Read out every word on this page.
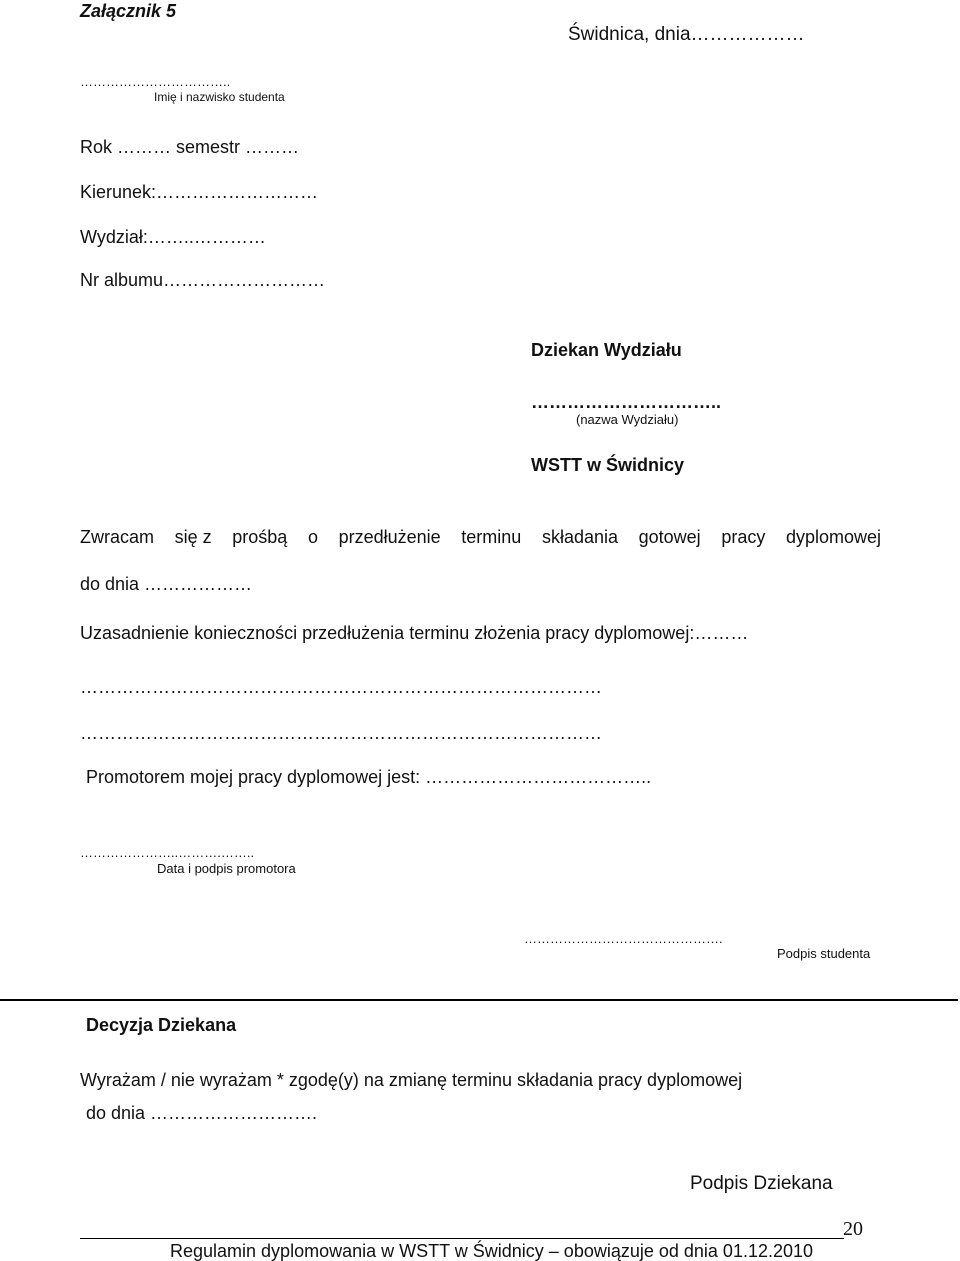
Załącznik 5
Świdnica, dnia………………
……………………………..
Imię i nazwisko studenta
Rok ……… semestr ………
Kierunek:………………………
Wydział:……..…………
Nr albumu………………………
Dziekan Wydziału
…………………………..
(nazwa Wydziału)
WSTT w Świdnicy
Zwracam się z prośbą o przedłużenie terminu składania gotowej pracy dyplomowej
do dnia ………………
Uzasadnienie konieczności przedłużenia terminu złożenia pracy dyplomowej:………
……………………………………………………………………………
……………………………………………………………………………
Promotorem mojej pracy dyplomowej jest: ………………………………..
…………………..……….……..
Data i podpis promotora
……………………………………….
Podpis studenta
Decyzja Dziekana
Wyrażam / nie wyrażam * zgodę(y) na zmianę terminu składania pracy dyplomowej
do dnia ……………………….
Podpis Dziekana
20
Regulamin dyplomowania w WSTT w Świdnicy – obowiązuje od dnia 01.12.2010
